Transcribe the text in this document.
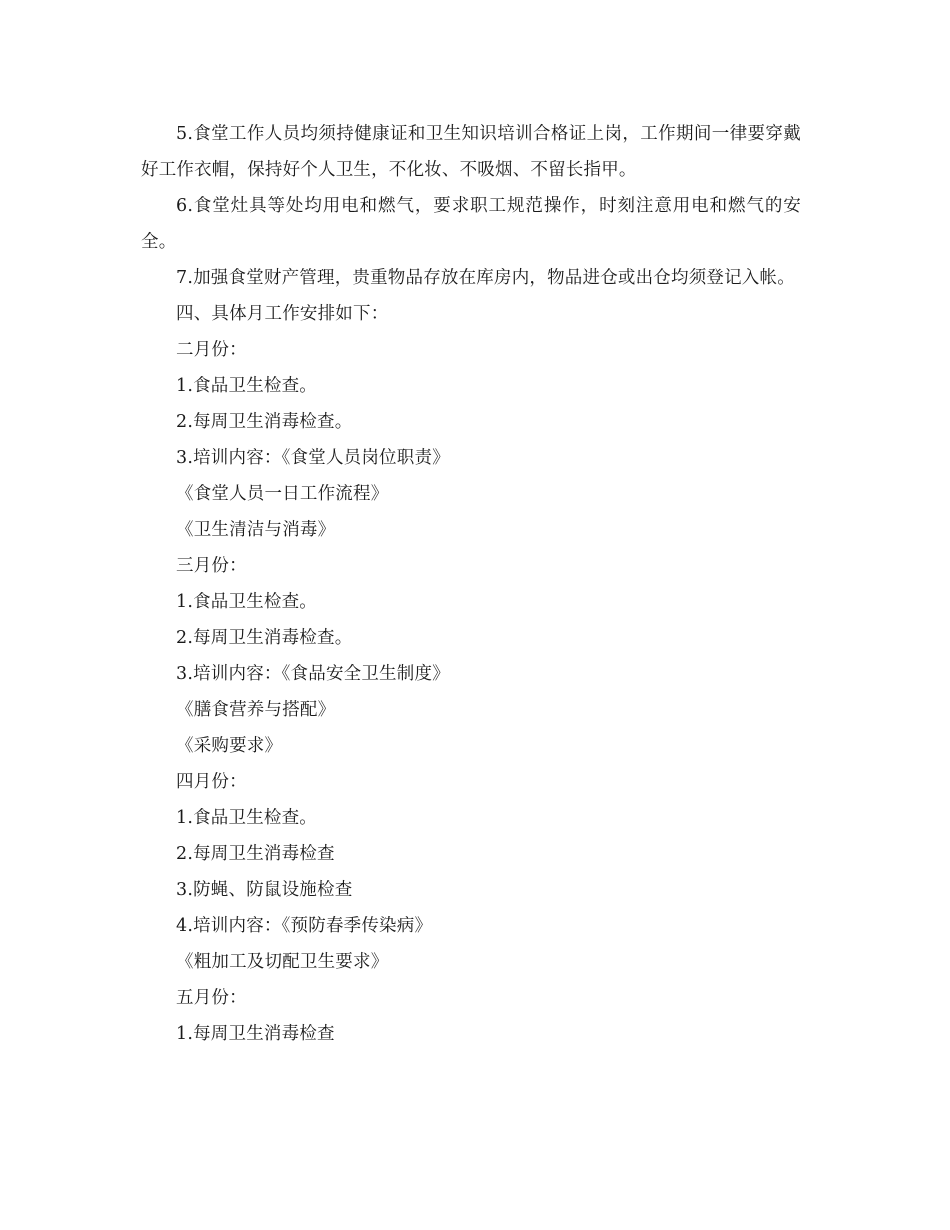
5.食堂工作人员均须持健康证和卫生知识培训合格证上岗，工作期间一律要穿戴好工作衣帽，保持好个人卫生，不化妆、不吸烟、不留长指甲。

6.食堂灶具等处均用电和燃气，要求职工规范操作，时刻注意用电和燃气的安全。

7.加强食堂财产管理，贵重物品存放在库房内，物品进仓或出仓均须登记入帐。

四、具体月工作安排如下：

二月份：

1.食品卫生检查。

2.每周卫生消毒检查。

3.培训内容：《食堂人员岗位职责》

《食堂人员一日工作流程》

《卫生清洁与消毒》

三月份：

1.食品卫生检查。

2.每周卫生消毒检查。

3.培训内容：《食品安全卫生制度》

《膳食营养与搭配》

《采购要求》

四月份：

1.食品卫生检查。

2.每周卫生消毒检查

3.防蝇、防鼠设施检查

4.培训内容：《预防春季传染病》

《粗加工及切配卫生要求》

五月份：

1.每周卫生消毒检查
